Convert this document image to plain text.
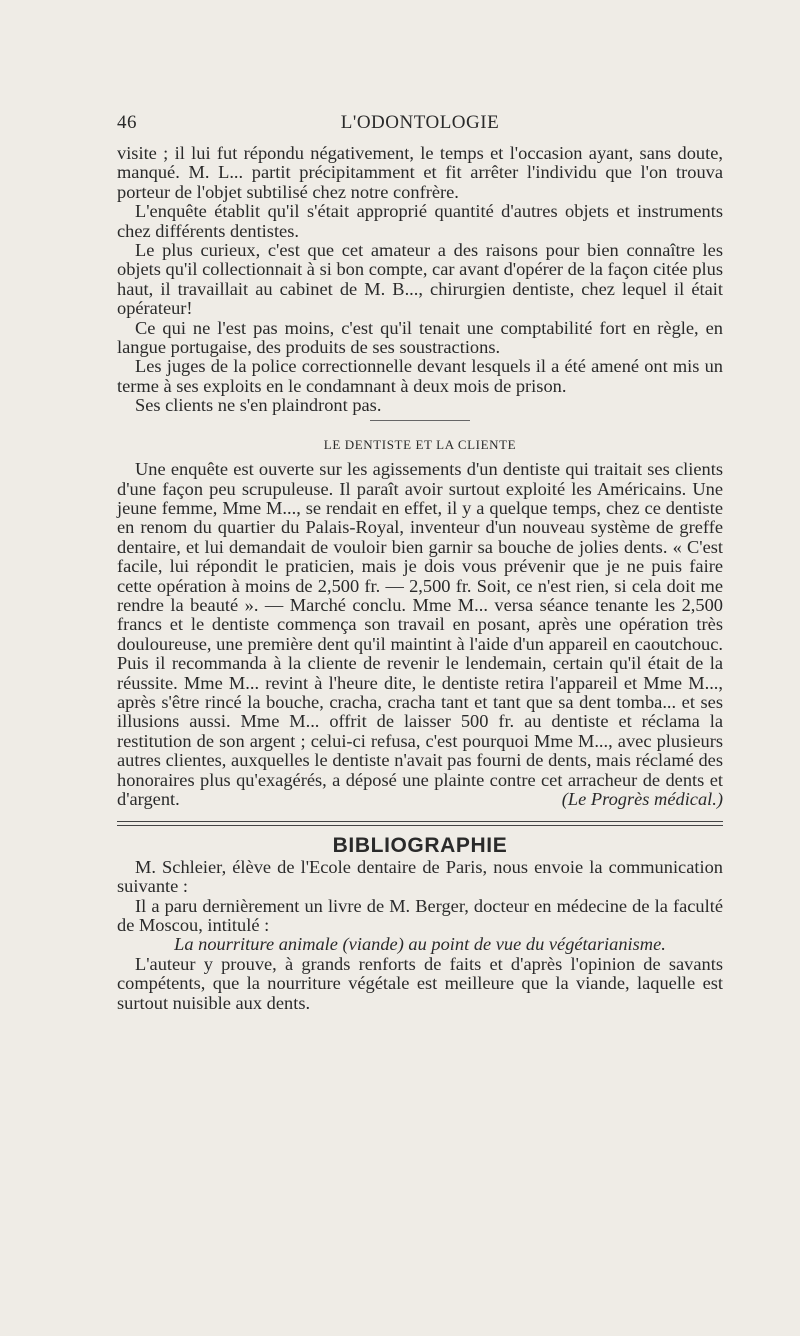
46	L'ODONTOLOGIE

visite ; il lui fut répondu négativement, le temps et l'occasion ayant, sans doute, manqué. M. L... partit précipitamment et fit arrêter l'individu que l'on trouva porteur de l'objet subtilisé chez notre confrère.

L'enquête établit qu'il s'était approprié quantité d'autres objets et instruments chez différents dentistes.

Le plus curieux, c'est que cet amateur a des raisons pour bien connaître les objets qu'il collectionnait à si bon compte, car avant d'opérer de la façon citée plus haut, il travaillait au cabinet de M. B..., chirurgien dentiste, chez lequel il était opérateur!

Ce qui ne l'est pas moins, c'est qu'il tenait une comptabilité fort en règle, en langue portugaise, des produits de ses soustractions.

Les juges de la police correctionnelle devant lesquels il a été amené ont mis un terme à ses exploits en le condamnant à deux mois de prison.

Ses clients ne s'en plaindront pas.

LE DENTISTE ET LA CLIENTE

Une enquête est ouverte sur les agissements d'un dentiste qui traitait ses clients d'une façon peu scrupuleuse. Il paraît avoir surtout exploité les Américains. Une jeune femme, Mme M..., se rendait en effet, il y a quelque temps, chez ce dentiste en renom du quartier du Palais-Royal, inventeur d'un nouveau système de greffe dentaire, et lui demandait de vouloir bien garnir sa bouche de jolies dents. « C'est facile, lui répondit le praticien, mais je dois vous prévenir que je ne puis faire cette opération à moins de 2,500 fr. — 2,500 fr. Soit, ce n'est rien, si cela doit me rendre la beauté ». — Marché conclu. Mme M... versa séance tenante les 2,500 francs et le dentiste commença son travail en posant, après une opération très douloureuse, une première dent qu'il maintint à l'aide d'un appareil en caoutchouc. Puis il recommanda à la cliente de revenir le lendemain, certain qu'il était de la réussite. Mme M... revint à l'heure dite, le dentiste retira l'appareil et Mme M..., après s'être rincé la bouche, cracha, cracha tant et tant que sa dent tomba... et ses illusions aussi. Mme M... offrit de laisser 500 fr. au dentiste et réclama la restitution de son argent ; celui-ci refusa, c'est pourquoi Mme M..., avec plusieurs autres clientes, auxquelles le dentiste n'avait pas fourni de dents, mais réclamé des honoraires plus qu'exagérés, a déposé une plainte contre cet arracheur de dents et d'argent.	(Le Progrès médical.)

BIBLIOGRAPHIE

M. Schleier, élève de l'Ecole dentaire de Paris, nous envoie la communication suivante :

Il a paru dernièrement un livre de M. Berger, docteur en médecine de la faculté de Moscou, intitulé :

La nourriture animale (viande) au point de vue du végétarianisme.

L'auteur y prouve, à grands renforts de faits et d'après l'opinion de savants compétents, que la nourriture végétale est meilleure que la viande, laquelle est surtout nuisible aux dents.
